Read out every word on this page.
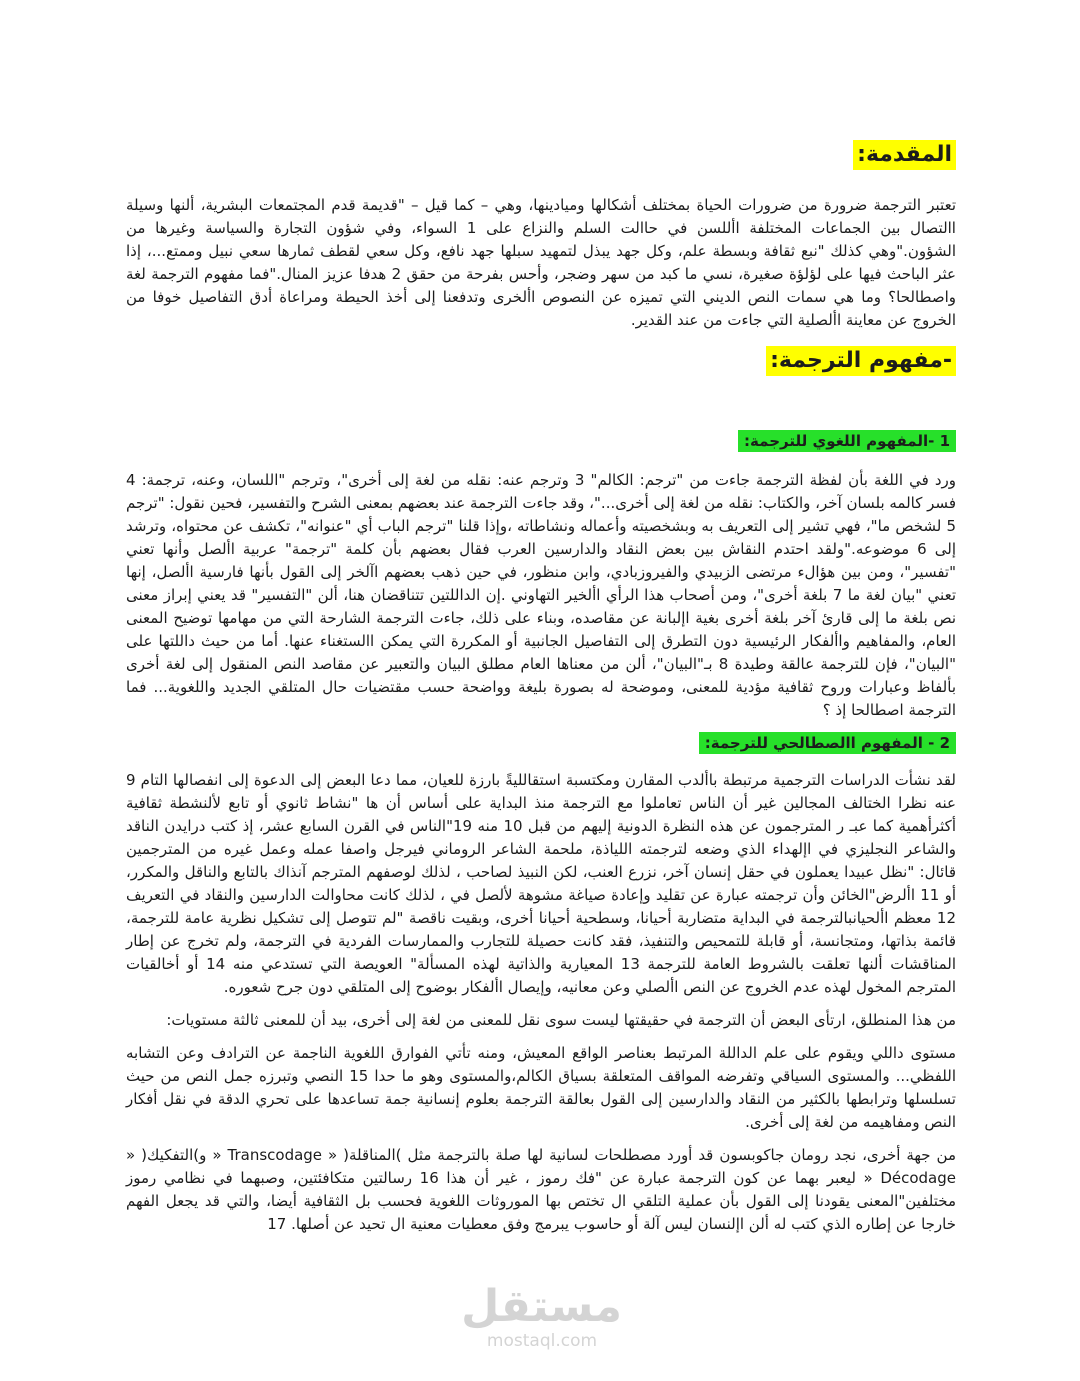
المقدمة:

تعتبر الترجمة ضرورة من ضرورات الحياة بمختلف أشكالها وميادينها، وهي – كما قيل – "قديمة قدم المجتمعات البشرية، ألنها وسيلة االتصال بين الجماعات المختلفة األلسن في حاالت السلم والنزاع على 1 السواء، وفي شؤون التجارة والسياسة وغيرها من الشؤون."وهي كذلك "نبع ثقافة وبسطة علم، وكل جهد يبذل لتمهيد سبلها جهد نافع، وكل سعي لقطف ثمارها سعي نبيل وممتع...، إذا عثر الباحث فيها على لؤلؤة صغيرة، نسي ما كبد من سهر وضجر، وأحس بفرحة من حقق 2 هدفا عزيز المنال."فما مفهوم الترجمة لغة واصطالحا؟ وما هي سمات النص الديني التي تميزه عن النصوص األخرى وتدفعنا إلى أخذ الحيطة ومراعاة أدق التفاصيل خوفا من الخروج عن معاينة األصلية التي جاءت من عند القدير.

-مفهوم الترجمة:
1 -المفهوم اللغوي للترجمة:

ورد في اللغة بأن لفظة الترجمة جاءت من "ترجم: الكالم" 3 وترجم عنه: نقله من لغة إلى أخرى"، وترجم "اللسان، وعنه، ترجمة: 4 فسر كالمه بلسان آخر، والكتاب: نقله من لغة إلى أخرى..."، وقد جاءت الترجمة عند بعضهم بمعنى الشرح والتفسير، فحين نقول: "ترجم 5 لشخص ما"، فهي تشير إلى التعريف به وبشخصيته وأعماله ونشاطاته ،وإذا قلنا "ترجم الباب أي "عنوانه"، تكشف عن محتواه، وترشد إلى 6 موضوعه."ولقد احتدم النقاش بين بعض النقاد والدارسين العرب فقال بعضهم بأن كلمة "ترجمة" عربية األصل وأنها تعني "تفسير"، ومن بين هؤالء مرتضى الزبيدي والفيروزبادي، وابن منظور، في حين ذهب بعضهم اآلخر إلى القول بأنها فارسية األصل، إنها تعني "بيان لغة ما 7 بلغة أخرى"، ومن أصحاب هذا الرأي األخير التهاوني .إن الداللتين تتناقضان هنا، ألن "التفسير" قد يعني إبراز معنى نص بلغة ما إلى قارئ آخر بلغة أخرى بغية اإلبانة عن مقاصده، وبناء على ذلك، جاءت الترجمة الشارحة التي من مهامها توضيح المعنى العام، والمفاهيم واألفكار الرئيسية دون التطرق إلى التفاصيل الجانبية أو المكررة التي يمكن االستغناء عنها. أما من حيث داللتها على "البيان"، فإن للترجمة عالقة وطيدة 8 بـ"البيان"، ألن من معناها العام مطلق البيان والتعبير عن مقاصد النص المنقول إلى لغة أخرى بألفاظ وعبارات وروح ثقافية مؤدية للمعنى، وموضحة له بصورة بليغة وواضحة حسب مقتضيات حال المتلقي الجديد واللغوية... فما الترجمة اصطالحا إذ ؟

2 - المفهوم االصطالحي للترجمة:

لقد نشأت الدراسات الترجمية مرتبطة باألدب المقارن ومكتسبة استقالليةً بارزة للعيان، مما دعا البعض إلى الدعوة إلى انفصالها التام 9 عنه نظرا الختالف المجالين غير أن الناس تعاملوا مع الترجمة منذ البداية على أساس أن ها "نشاط ثانوي أو تابع لألنشطة ثقافية أكثرأهمية كما عبـ ر المترجمون عن هذه النظرة الدونية إليهم من قبل 10 منه 19"الناس في القرن السابع عشر، إذ كتب درايدن الناقد والشاعر النجليزي في اإلهداء الذي وضعه لترجمته اللياذة، ملحمة الشاعر الروماني فيرجل واصفا عمله وعمل غيره من المترجمين قائال: "نظل عبيدا يعملون في حقل إنسان آخر، نزرع العنب، لكن النبيذ لصاحب ، لذلك لوصفهم المترجم آنذاك بالتابع والناقل والمكرر، أو 11 األرض"الخائن وأن ترجمته عبارة عن تقليد وإعادة صياغة مشوهة لألصل في ، لذلك كانت محاوالت الدارسين والنقاد في التعريف 12 معظم األحيانبالترجمة في البداية متضاربة أحيانا، وسطحية أحيانا أخرى، وبقيت ناقصة "لم تتوصل إلى تشكيل نظرية عامة للترجمة، قائمة بذاتها، ومتجانسة، أو قابلة للتمحيص والتنفيذ، فقد كانت حصيلة للتجارب والممارسات الفردية في الترجمة، ولم تخرج عن إطار المناقشات ألنها تعلقت بالشروط العامة للترجمة 13 المعيارية والذاتية لهذه المسألة" العويصة التي تستدعي منه 14 أو أخالقيات المترجم المخول لهذه عدم الخروج عن النص األصلي وعن معانيه، وإيصال األفكار بوضوح إلى المتلقي دون جرح شعوره.

من هذا المنطلق، ارتأى البعض أن الترجمة في حقيقتها ليست سوى نقل للمعنى من لغة إلى أخرى، بيد أن للمعنى ثالثة مستويات:

مستوى داللي ويقوم على علم الداللة المرتبط بعناصر الواقع المعيش، ومنه تأتي الفوارق اللغوية الناجمة عن الترادف وعن التشابه اللفظي... والمستوى السياقي وتفرضه المواقف المتعلقة بسياق الكالم،والمستوى وهو ما حدا 15 النصي وتبرزه جمل النص من حيث تسلسلها وترابطها بالكثير من النقاد والدارسين إلى القول بعالقة الترجمة بعلوم إنسانية جمة تساعدها على تحري الدقة في نقل أفكار النص ومفاهيمه من لغة إلى أخرى.

من جهة أخرى، نجد رومان جاكوبسون قد أورد مصطلحات لسانية لها صلة بالترجمة مثل )المناقلة( « Transcodage « و)التفكيك( « Décodage « ليعبر بهما عن كون الترجمة عبارة عن "فك رموز ، غير أن هذا 16 رسالتين متكافئتين، وصبهما في نظامي رموز مختلفين"المعنى يقودنا إلى القول بأن عملية التلقي ال تختص بها الموروثات اللغوية فحسب بل الثقافية أيضا، والتي قد يجعل الفهم خارجا عن إطاره الذي كتب له ألن اإلنسان ليس آلة أو حاسوب يبرمج وفق معطيات معنية ال تحيد عن أصلها. 17

مستقل
mostaql.com
